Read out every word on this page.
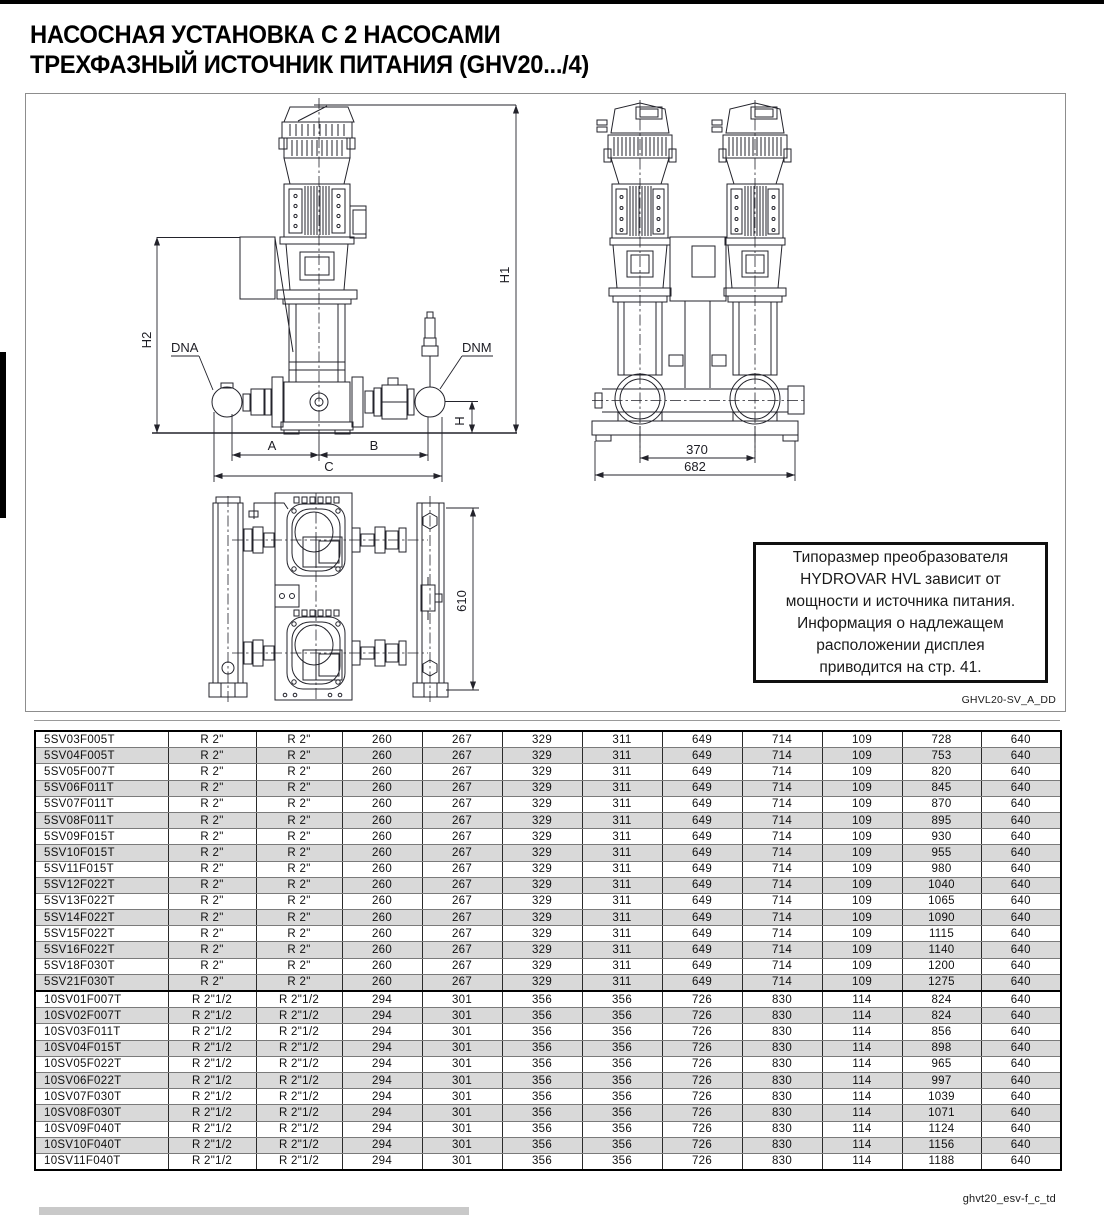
НАСОСНАЯ УСТАНОВКА С 2 НАСОСАМИ
ТРЕХФАЗНЫЙ ИСТОЧНИК ПИТАНИЯ (GHV20.../4)
H2
H1
H
DNA	DNM
A	B
C
370
682
610
Типоразмер преобразователя
HYDROVAR HVL зависит от
мощности и источника питания.
Информация о надлежащем
расположении дисплея
приводится на стр. 41.
GHVL20-SV_A_DD
5SV03F005T	R 2"	R 2"	260	267	329	311	649	714	109	728	640
5SV04F005T	R 2"	R 2"	260	267	329	311	649	714	109	753	640
5SV05F007T	R 2"	R 2"	260	267	329	311	649	714	109	820	640
5SV06F011T	R 2"	R 2"	260	267	329	311	649	714	109	845	640
5SV07F011T	R 2"	R 2"	260	267	329	311	649	714	109	870	640
5SV08F011T	R 2"	R 2"	260	267	329	311	649	714	109	895	640
5SV09F015T	R 2"	R 2"	260	267	329	311	649	714	109	930	640
5SV10F015T	R 2"	R 2"	260	267	329	311	649	714	109	955	640
5SV11F015T	R 2"	R 2"	260	267	329	311	649	714	109	980	640
5SV12F022T	R 2"	R 2"	260	267	329	311	649	714	109	1040	640
5SV13F022T	R 2"	R 2"	260	267	329	311	649	714	109	1065	640
5SV14F022T	R 2"	R 2"	260	267	329	311	649	714	109	1090	640
5SV15F022T	R 2"	R 2"	260	267	329	311	649	714	109	1115	640
5SV16F022T	R 2"	R 2"	260	267	329	311	649	714	109	1140	640
5SV18F030T	R 2"	R 2"	260	267	329	311	649	714	109	1200	640
5SV21F030T	R 2"	R 2"	260	267	329	311	649	714	109	1275	640
10SV01F007T	R 2"1/2	R 2"1/2	294	301	356	356	726	830	114	824	640
10SV02F007T	R 2"1/2	R 2"1/2	294	301	356	356	726	830	114	824	640
10SV03F011T	R 2"1/2	R 2"1/2	294	301	356	356	726	830	114	856	640
10SV04F015T	R 2"1/2	R 2"1/2	294	301	356	356	726	830	114	898	640
10SV05F022T	R 2"1/2	R 2"1/2	294	301	356	356	726	830	114	965	640
10SV06F022T	R 2"1/2	R 2"1/2	294	301	356	356	726	830	114	997	640
10SV07F030T	R 2"1/2	R 2"1/2	294	301	356	356	726	830	114	1039	640
10SV08F030T	R 2"1/2	R 2"1/2	294	301	356	356	726	830	114	1071	640
10SV09F040T	R 2"1/2	R 2"1/2	294	301	356	356	726	830	114	1124	640
10SV10F040T	R 2"1/2	R 2"1/2	294	301	356	356	726	830	114	1156	640
10SV11F040T	R 2"1/2	R 2"1/2	294	301	356	356	726	830	114	1188	640
ghvt20_esv-f_c_td
